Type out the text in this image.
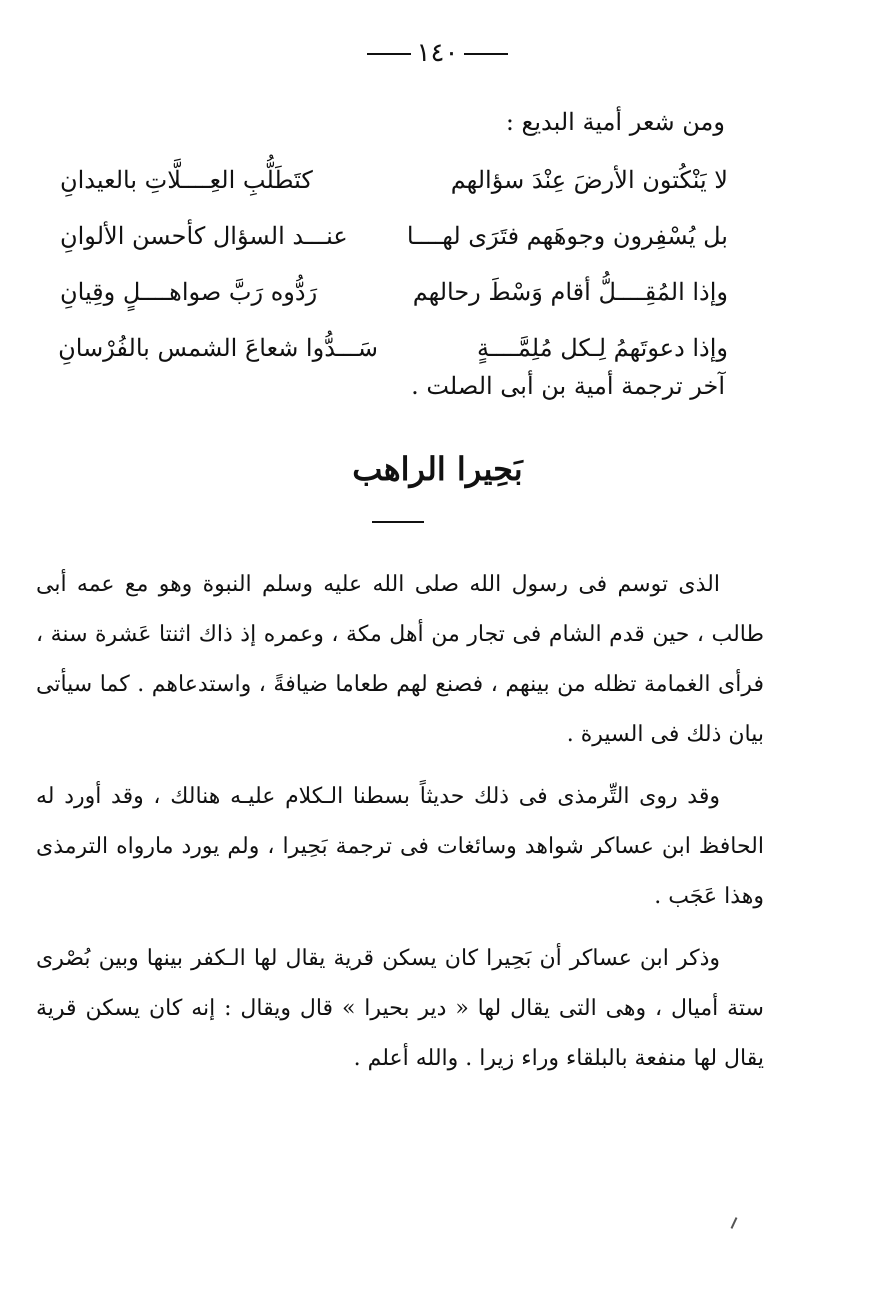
١٤٠
ومن شعر أمية البديع :
لا يَنْكُتون الأرضَ عِنْدَ سؤالهم
كتَطَلُّبِ العِــــلَّاتِ بالعيدانِ
بل يُسْفِرون وجوهَهم فتَرَى لهــــا
عنـــد السؤال كأحسن الألوانِ
وإذا المُقِــــلُّ أقام وَسْطَ رحالهم
رَدُّوه رَبَّ صواهــــلٍ وقِيانِ
وإذا دعوتَهمُ لِـكل مُلِمَّــــةٍ
سَـــدُّوا شعاعَ الشمس بالفُرْسانِ
آخر ترجمة أمية بن أبى الصلت .
بَحِيرا الراهب

الذى توسم فى رسول الله صلى الله عليه وسلم النبوة وهو مع عمه أبى طالب ، حين قدم الشام فى تجار من أهل مكة ، وعمره إذ ذاك اثنتا عَشرة سنة ، فرأى الغمامة تظله من بينهم ، فصنع لهم طعاما ضيافةً ، واستدعاهم . كما سيأتى بيان ذلك فى السيرة .

وقد روى التِّرمذى فى ذلك حديثاً بسطنا الـكلام عليـه هنالك ، وقد أورد له الحافظ ابن عساكر شواهد وسائغات فى ترجمة بَحِيرا ، ولم يورد مارواه الترمذى وهذا عَجَب .

وذكر ابن عساكر أن بَحِيرا كان يسكن قرية يقال لها الـكفر بينها وبين بُصْرى ستة أميال ، وهى التى يقال لها « دير بحيرا » قال ويقال : إنه كان يسكن قرية يقال لها منفعة بالبلقاء وراء زيرا . والله أعلم .
